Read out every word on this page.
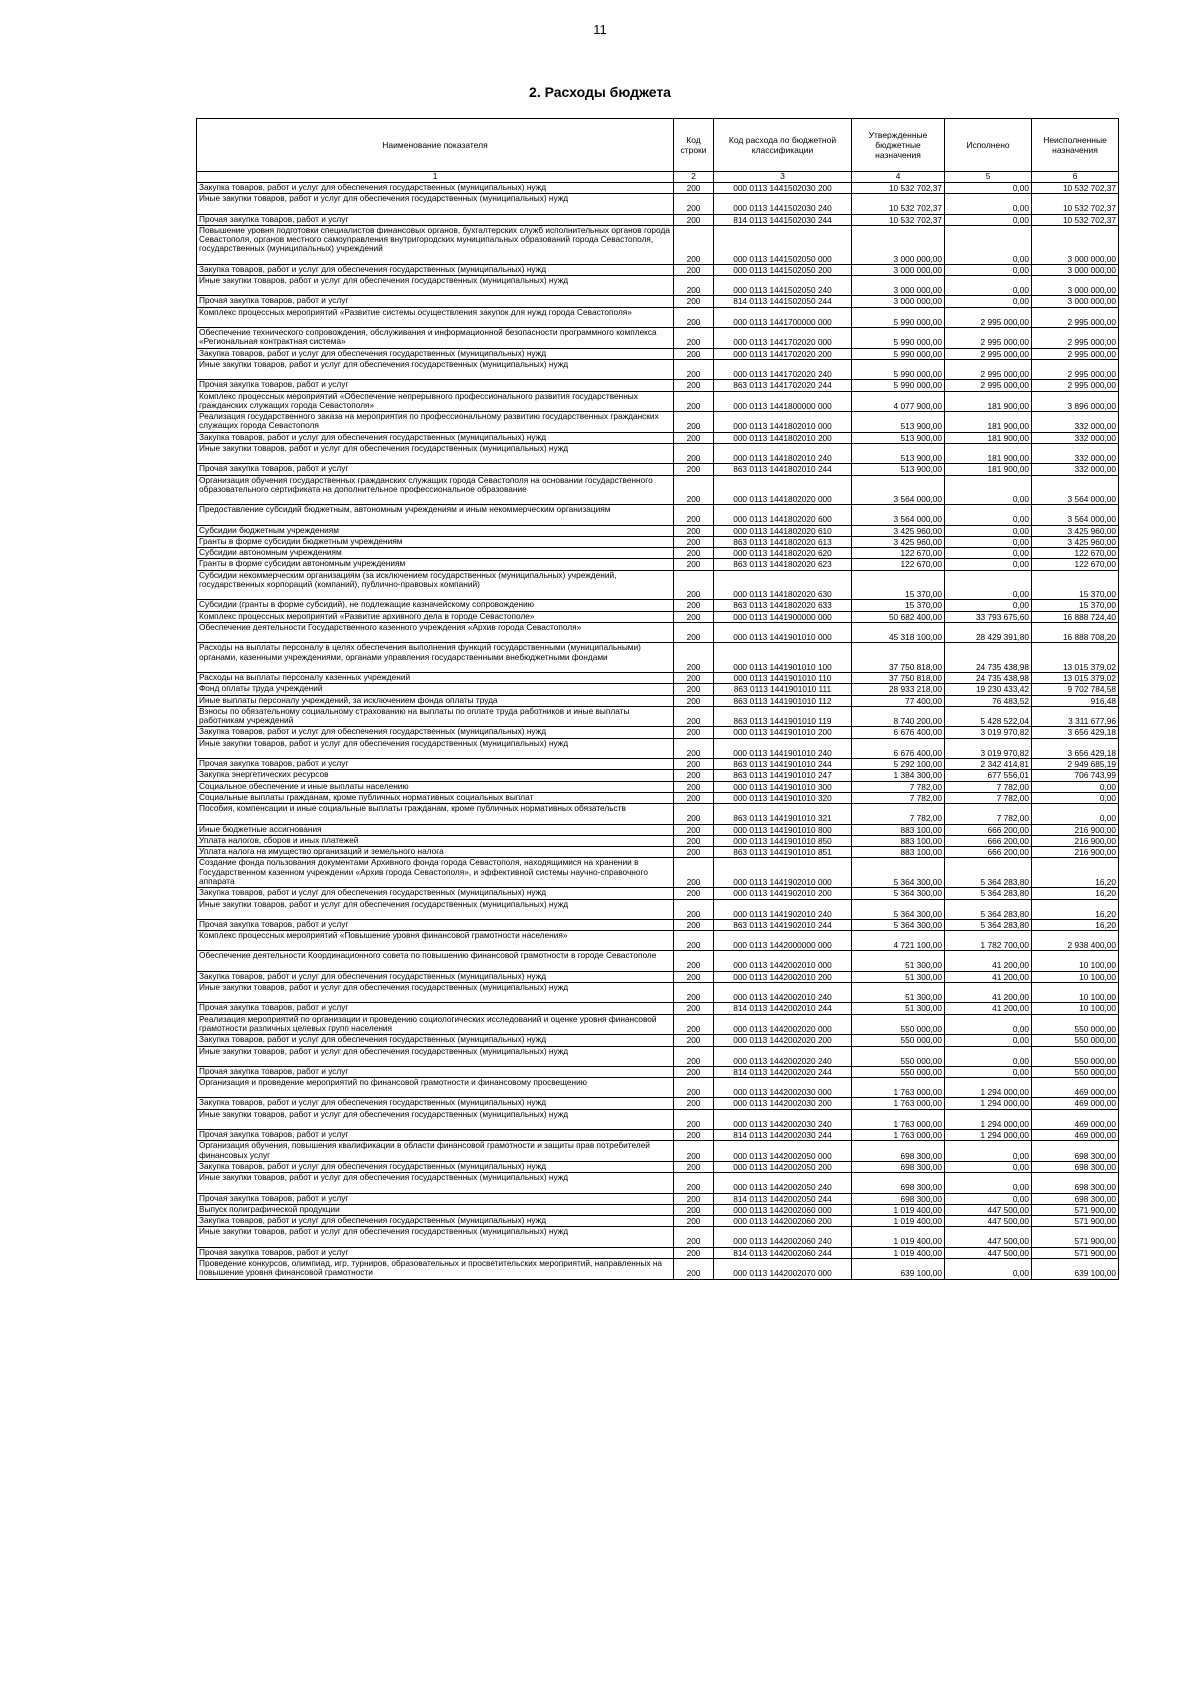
11
2. Расходы бюджета
Наименование показателя	Код строки	Код расхода по бюджетной классификации	Утвержденные бюджетные назначения	Исполнено	Неисполненные назначения
1	2	3	4	5	6
Закупка товаров, работ и услуг для обеспечения государственных (муниципальных) нужд	200	000 0113 1441502030 200	10 532 702,37	0,00	10 532 702,37
Иные закупки товаров, работ и услуг для обеспечения государственных (муниципальных) нужд	200	000 0113 1441502030 240	10 532 702,37	0,00	10 532 702,37
Прочая закупка товаров, работ и услуг	200	814 0113 1441502030 244	10 532 702,37	0,00	10 532 702,37
Повышение уровня подготовки специалистов финансовых органов, бухгалтерских служб исполнительных органов города Севастополя, органов местного самоуправления внутригородских муниципальных образований города Севастополя, государственных (муниципальных) учреждений	200	000 0113 1441502050 000	3 000 000,00	0,00	3 000 000,00
Закупка товаров, работ и услуг для обеспечения государственных (муниципальных) нужд	200	000 0113 1441502050 200	3 000 000,00	0,00	3 000 000,00
Иные закупки товаров, работ и услуг для обеспечения государственных (муниципальных) нужд	200	000 0113 1441502050 240	3 000 000,00	0,00	3 000 000,00
Прочая закупка товаров, работ и услуг	200	814 0113 1441502050 244	3 000 000,00	0,00	3 000 000,00
Комплекс процессных мероприятий «Развитие системы осуществления закупок для нужд города Севастополя»	200	000 0113 1441700000 000	5 990 000,00	2 995 000,00	2 995 000,00
Обеспечение технического сопровождения, обслуживания и информационной безопасности программного комплекса «Региональная контрактная система»	200	000 0113 1441702020 000	5 990 000,00	2 995 000,00	2 995 000,00
Закупка товаров, работ и услуг для обеспечения государственных (муниципальных) нужд	200	000 0113 1441702020 200	5 990 000,00	2 995 000,00	2 995 000,00
Иные закупки товаров, работ и услуг для обеспечения государственных (муниципальных) нужд	200	000 0113 1441702020 240	5 990 000,00	2 995 000,00	2 995 000,00
Прочая закупка товаров, работ и услуг	200	863 0113 1441702020 244	5 990 000,00	2 995 000,00	2 995 000,00
Комплекс процессных мероприятий «Обеспечение непрерывного профессионального развития государственных гражданских служащих города Севастополя»	200	000 0113 1441800000 000	4 077 900,00	181 900,00	3 896 000,00
Реализация государственного заказа на мероприятия по профессиональному развитию государственных гражданских служащих города Севастополя	200	000 0113 1441802010 000	513 900,00	181 900,00	332 000,00
Закупка товаров, работ и услуг для обеспечения государственных (муниципальных) нужд	200	000 0113 1441802010 200	513 900,00	181 900,00	332 000,00
Иные закупки товаров, работ и услуг для обеспечения государственных (муниципальных) нужд	200	000 0113 1441802010 240	513 900,00	181 900,00	332 000,00
Прочая закупка товаров, работ и услуг	200	863 0113 1441802010 244	513 900,00	181 900,00	332 000,00
Организация обучения государственных гражданских служащих города Севастополя на основании государственного образовательного сертификата на дополнительное профессиональное образование	200	000 0113 1441802020 000	3 564 000,00	0,00	3 564 000,00
Предоставление субсидий бюджетным, автономным учреждениям и иным некоммерческим организациям	200	000 0113 1441802020 600	3 564 000,00	0,00	3 564 000,00
Субсидии бюджетным учреждениям	200	000 0113 1441802020 610	3 425 960,00	0,00	3 425 960,00
Гранты в форме субсидии бюджетным учреждениям	200	863 0113 1441802020 613	3 425 960,00	0,00	3 425 960,00
Субсидии автономным учреждениям	200	000 0113 1441802020 620	122 670,00	0,00	122 670,00
Гранты в форме субсидии автономным учреждениям	200	863 0113 1441802020 623	122 670,00	0,00	122 670,00
Субсидии некоммерческим организациям (за исключением государственных (муниципальных) учреждений, государственных корпораций (компаний), публично-правовых компаний)	200	000 0113 1441802020 630	15 370,00	0,00	15 370,00
Субсидии (гранты в форме субсидий), не подлежащие казначейскому сопровождению	200	863 0113 1441802020 633	15 370,00	0,00	15 370,00
Комплекс процессных мероприятий «Развитие архивного дела в городе Севастополе»	200	000 0113 1441900000 000	50 682 400,00	33 793 675,60	16 888 724,40
Обеспечение деятельности Государственного казенного учреждения «Архив города Севастополя»	200	000 0113 1441901010 000	45 318 100,00	28 429 391,80	16 888 708,20
Расходы на выплаты персоналу в целях обеспечения выполнения функций государственными (муниципальными) органами, казенными учреждениями, органами управления государственными внебюджетными фондами	200	000 0113 1441901010 100	37 750 818,00	24 735 438,98	13 015 379,02
Расходы на выплаты персоналу казенных учреждений	200	000 0113 1441901010 110	37 750 818,00	24 735 438,98	13 015 379,02
Фонд оплаты труда учреждений	200	863 0113 1441901010 111	28 933 218,00	19 230 433,42	9 702 784,58
Иные выплаты персоналу учреждений, за исключением фонда оплаты труда	200	863 0113 1441901010 112	77 400,00	76 483,52	916,48
Взносы по обязательному социальному страхованию на выплаты по оплате труда работников и иные выплаты работникам учреждений	200	863 0113 1441901010 119	8 740 200,00	5 428 522,04	3 311 677,96
Закупка товаров, работ и услуг для обеспечения государственных (муниципальных) нужд	200	000 0113 1441901010 200	6 676 400,00	3 019 970,82	3 656 429,18
Иные закупки товаров, работ и услуг для обеспечения государственных (муниципальных) нужд	200	000 0113 1441901010 240	6 676 400,00	3 019 970,82	3 656 429,18
Прочая закупка товаров, работ и услуг	200	863 0113 1441901010 244	5 292 100,00	2 342 414,81	2 949 685,19
Закупка энергетических ресурсов	200	863 0113 1441901010 247	1 384 300,00	677 556,01	706 743,99
Социальное обеспечение и иные выплаты населению	200	000 0113 1441901010 300	7 782,00	7 782,00	0,00
Социальные выплаты гражданам, кроме публичных нормативных социальных выплат	200	000 0113 1441901010 320	7 782,00	7 782,00	0,00
Пособия, компенсации и иные социальные выплаты гражданам, кроме публичных нормативных обязательств	200	863 0113 1441901010 321	7 782,00	7 782,00	0,00
Иные бюджетные ассигнования	200	000 0113 1441901010 800	883 100,00	666 200,00	216 900,00
Уплата налогов, сборов и иных платежей	200	000 0113 1441901010 850	883 100,00	666 200,00	216 900,00
Уплата налога на имущество организаций и земельного налога	200	863 0113 1441901010 851	883 100,00	666 200,00	216 900,00
Создание фонда пользования документами Архивного фонда города Севастополя, находящимися на хранении в Государственном казенном учреждении «Архив города Севастополя», и эффективной системы научно-справочного аппарата	200	000 0113 1441902010 000	5 364 300,00	5 364 283,80	16,20
Закупка товаров, работ и услуг для обеспечения государственных (муниципальных) нужд	200	000 0113 1441902010 200	5 364 300,00	5 364 283,80	16,20
Иные закупки товаров, работ и услуг для обеспечения государственных (муниципальных) нужд	200	000 0113 1441902010 240	5 364 300,00	5 364 283,80	16,20
Прочая закупка товаров, работ и услуг	200	863 0113 1441902010 244	5 364 300,00	5 364 283,80	16,20
Комплекс процессных мероприятий «Повышение уровня финансовой грамотности населения»	200	000 0113 1442000000 000	4 721 100,00	1 782 700,00	2 938 400,00
Обеспечение деятельности Координационного совета по повышению финансовой грамотности в городе Севастополе	200	000 0113 1442002010 000	51 300,00	41 200,00	10 100,00
Закупка товаров, работ и услуг для обеспечения государственных (муниципальных) нужд	200	000 0113 1442002010 200	51 300,00	41 200,00	10 100,00
Иные закупки товаров, работ и услуг для обеспечения государственных (муниципальных) нужд	200	000 0113 1442002010 240	51 300,00	41 200,00	10 100,00
Прочая закупка товаров, работ и услуг	200	814 0113 1442002010 244	51 300,00	41 200,00	10 100,00
Реализация мероприятий по организации и проведению социологических исследований и оценке уровня финансовой грамотности различных целевых групп населения	200	000 0113 1442002020 000	550 000,00	0,00	550 000,00
Закупка товаров, работ и услуг для обеспечения государственных (муниципальных) нужд	200	000 0113 1442002020 200	550 000,00	0,00	550 000,00
Иные закупки товаров, работ и услуг для обеспечения государственных (муниципальных) нужд	200	000 0113 1442002020 240	550 000,00	0,00	550 000,00
Прочая закупка товаров, работ и услуг	200	814 0113 1442002020 244	550 000,00	0,00	550 000,00
Организация и проведение мероприятий по финансовой грамотности и финансовому просвещению	200	000 0113 1442002030 000	1 763 000,00	1 294 000,00	469 000,00
Закупка товаров, работ и услуг для обеспечения государственных (муниципальных) нужд	200	000 0113 1442002030 200	1 763 000,00	1 294 000,00	469 000,00
Иные закупки товаров, работ и услуг для обеспечения государственных (муниципальных) нужд	200	000 0113 1442002030 240	1 763 000,00	1 294 000,00	469 000,00
Прочая закупка товаров, работ и услуг	200	814 0113 1442002030 244	1 763 000,00	1 294 000,00	469 000,00
Организация обучения, повышения квалификации в области финансовой грамотности и защиты прав потребителей финансовых услуг	200	000 0113 1442002050 000	698 300,00	0,00	698 300,00
Закупка товаров, работ и услуг для обеспечения государственных (муниципальных) нужд	200	000 0113 1442002050 200	698 300,00	0,00	698 300,00
Иные закупки товаров, работ и услуг для обеспечения государственных (муниципальных) нужд	200	000 0113 1442002050 240	698 300,00	0,00	698 300,00
Прочая закупка товаров, работ и услуг	200	814 0113 1442002050 244	698 300,00	0,00	698 300,00
Выпуск полиграфической продукции	200	000 0113 1442002060 000	1 019 400,00	447 500,00	571 900,00
Закупка товаров, работ и услуг для обеспечения государственных (муниципальных) нужд	200	000 0113 1442002060 200	1 019 400,00	447 500,00	571 900,00
Иные закупки товаров, работ и услуг для обеспечения государственных (муниципальных) нужд	200	000 0113 1442002060 240	1 019 400,00	447 500,00	571 900,00
Прочая закупка товаров, работ и услуг	200	814 0113 1442002060 244	1 019 400,00	447 500,00	571 900,00
Проведение конкурсов, олимпиад, игр, турниров, образовательных и просветительских мероприятий, направленных на повышение уровня финансовой грамотности	200	000 0113 1442002070 000	639 100,00	0,00	639 100,00
